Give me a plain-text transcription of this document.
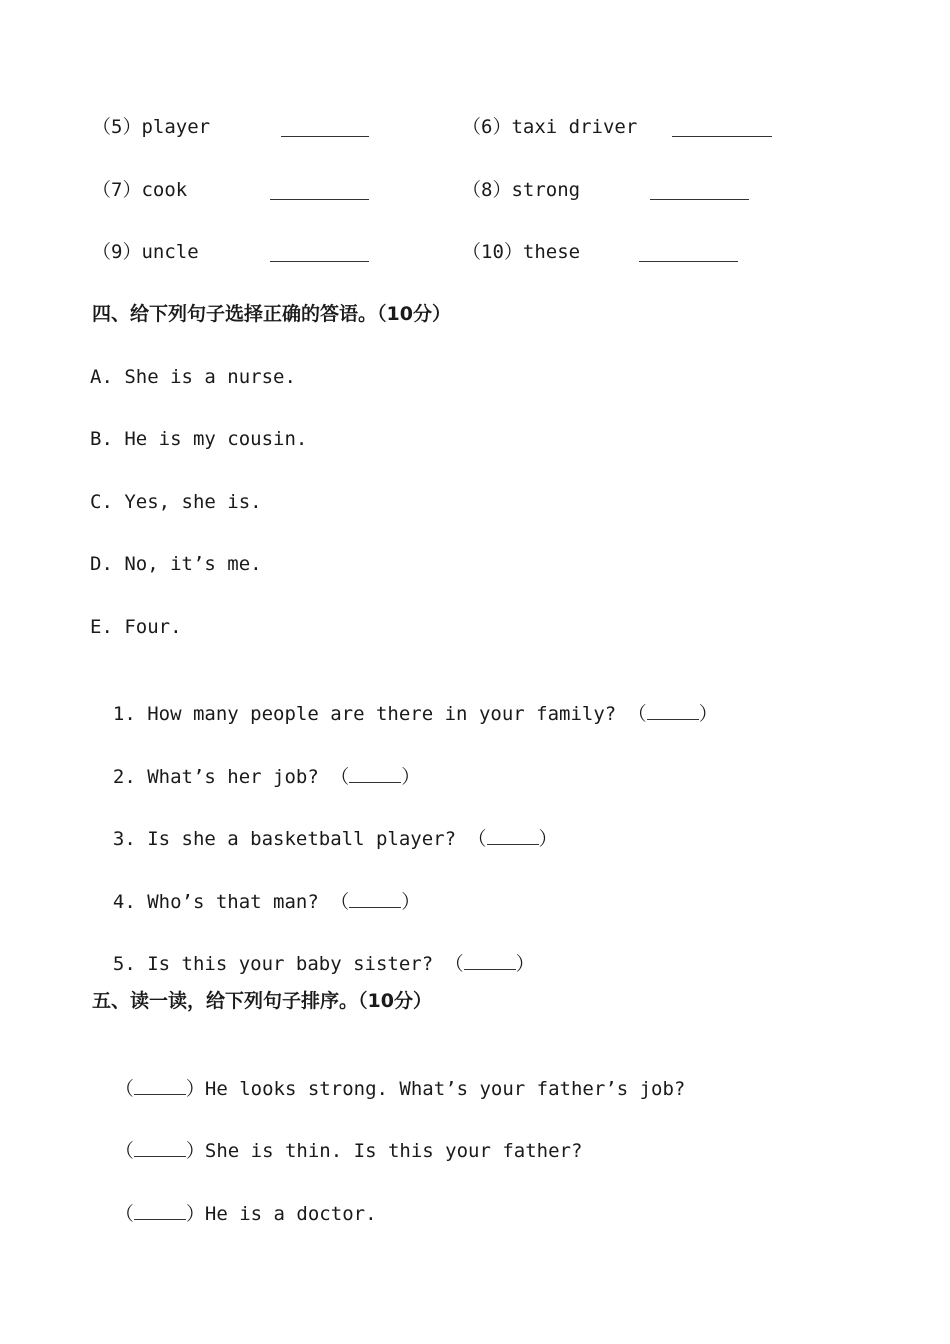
（5）player	（6）taxi driver
（7）cook	（8）strong
（9）uncle	（10）these
四、给下列句子选择正确的答语。（10分）
A. She is a nurse.
B. He is my cousin.
C. Yes, she is.
D. No, it’s me.
E. Four.

1. How many people are there in your family? （	）

2. What’s her job? （	）

3. Is she a basketball player? （	）

4. Who’s that man? （	）

5. Is this your baby sister? （	）

五、读一读，给下列句子排序。（10分）

（	）He looks strong. What’s your father’s job?

（	）She is thin. Is this your father?

（	）He is a doctor.
